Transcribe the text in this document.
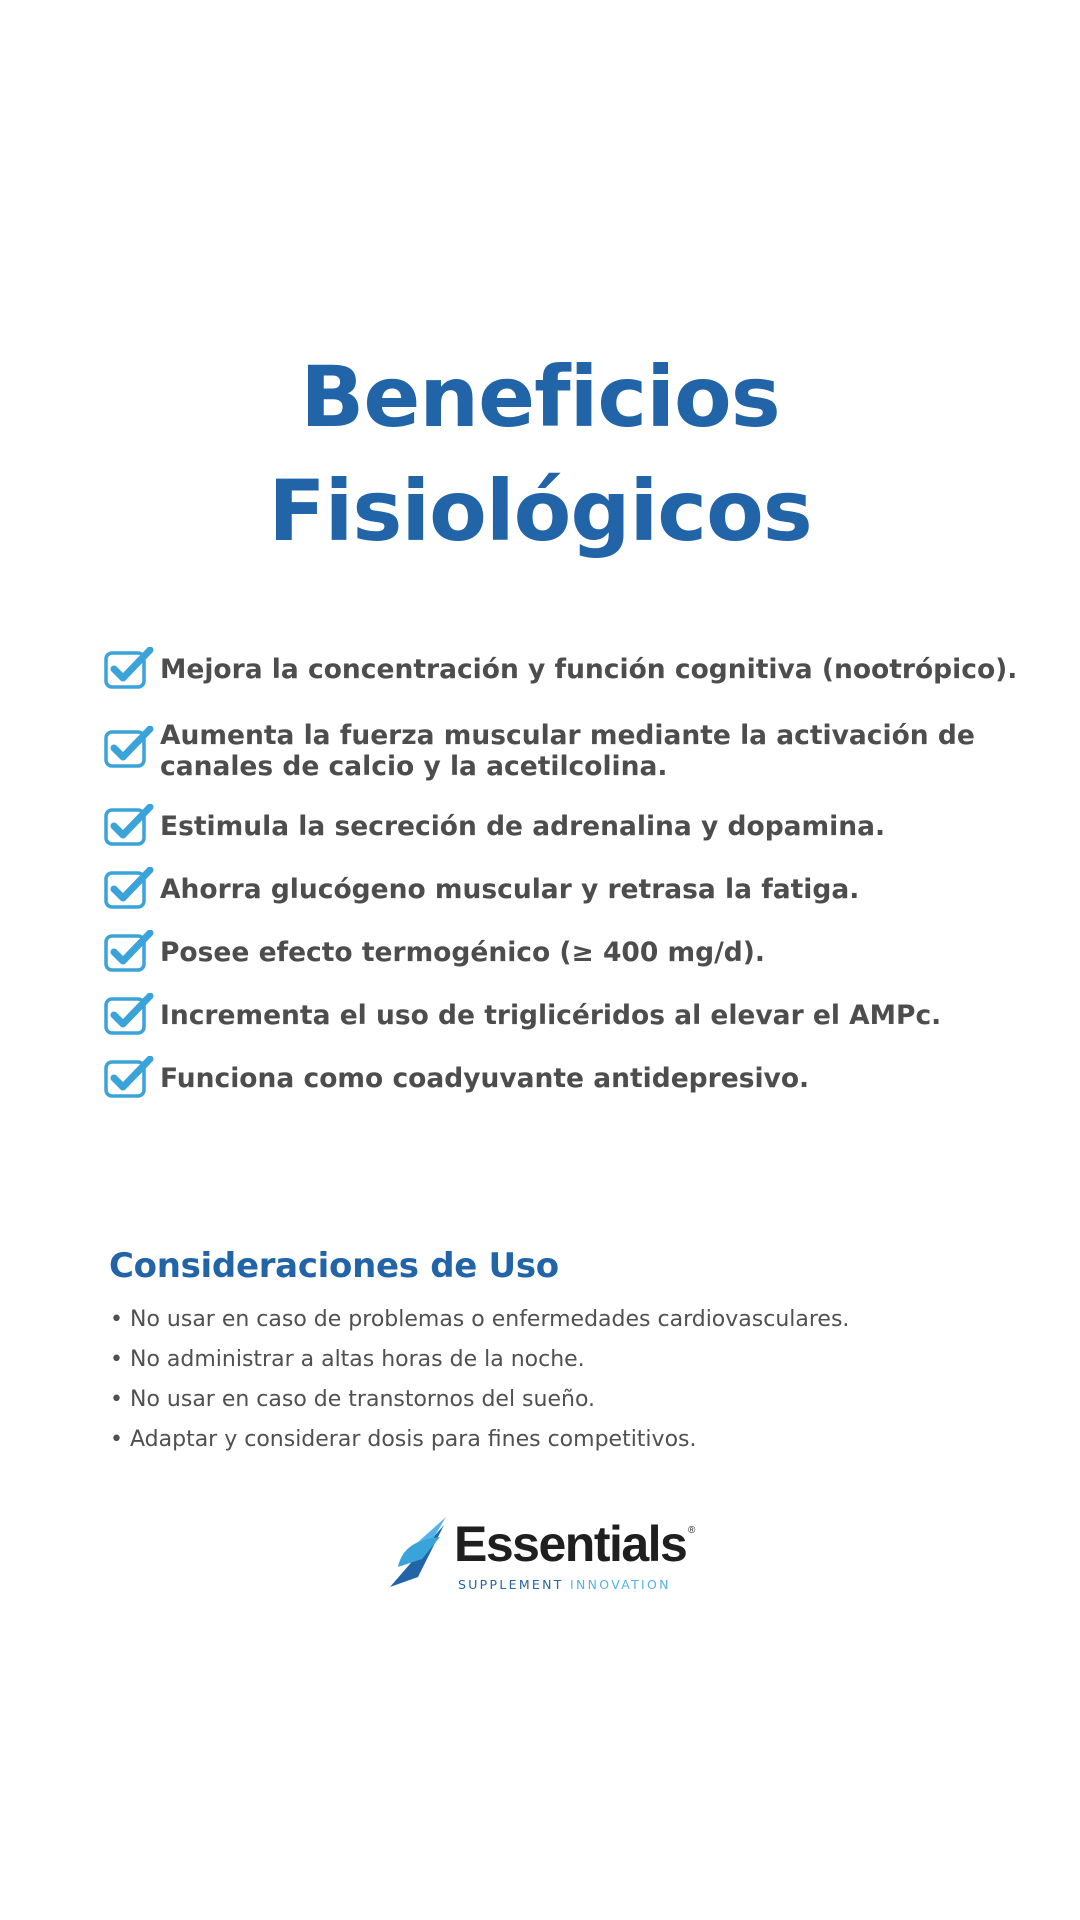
Beneficios
Fisiológicos
Mejora la concentración y función cognitiva (nootrópico).
Aumenta la fuerza muscular mediante la activación de
canales de calcio y la acetilcolina.
Estimula la secreción de adrenalina y dopamina.
Ahorra glucógeno muscular y retrasa la fatiga.
Posee efecto termogénico (≥ 400 mg/d).
Incrementa el uso de triglicéridos al elevar el AMPc.
Funciona como coadyuvante antidepresivo.
Consideraciones de Uso
• No usar en caso de problemas o enfermedades cardiovasculares.
• No administrar a altas horas de la noche.
• No usar en caso de transtornos del sueño.
• Adaptar y considerar dosis para fines competitivos.
Essentials ®
SUPPLEMENT INNOVATION
